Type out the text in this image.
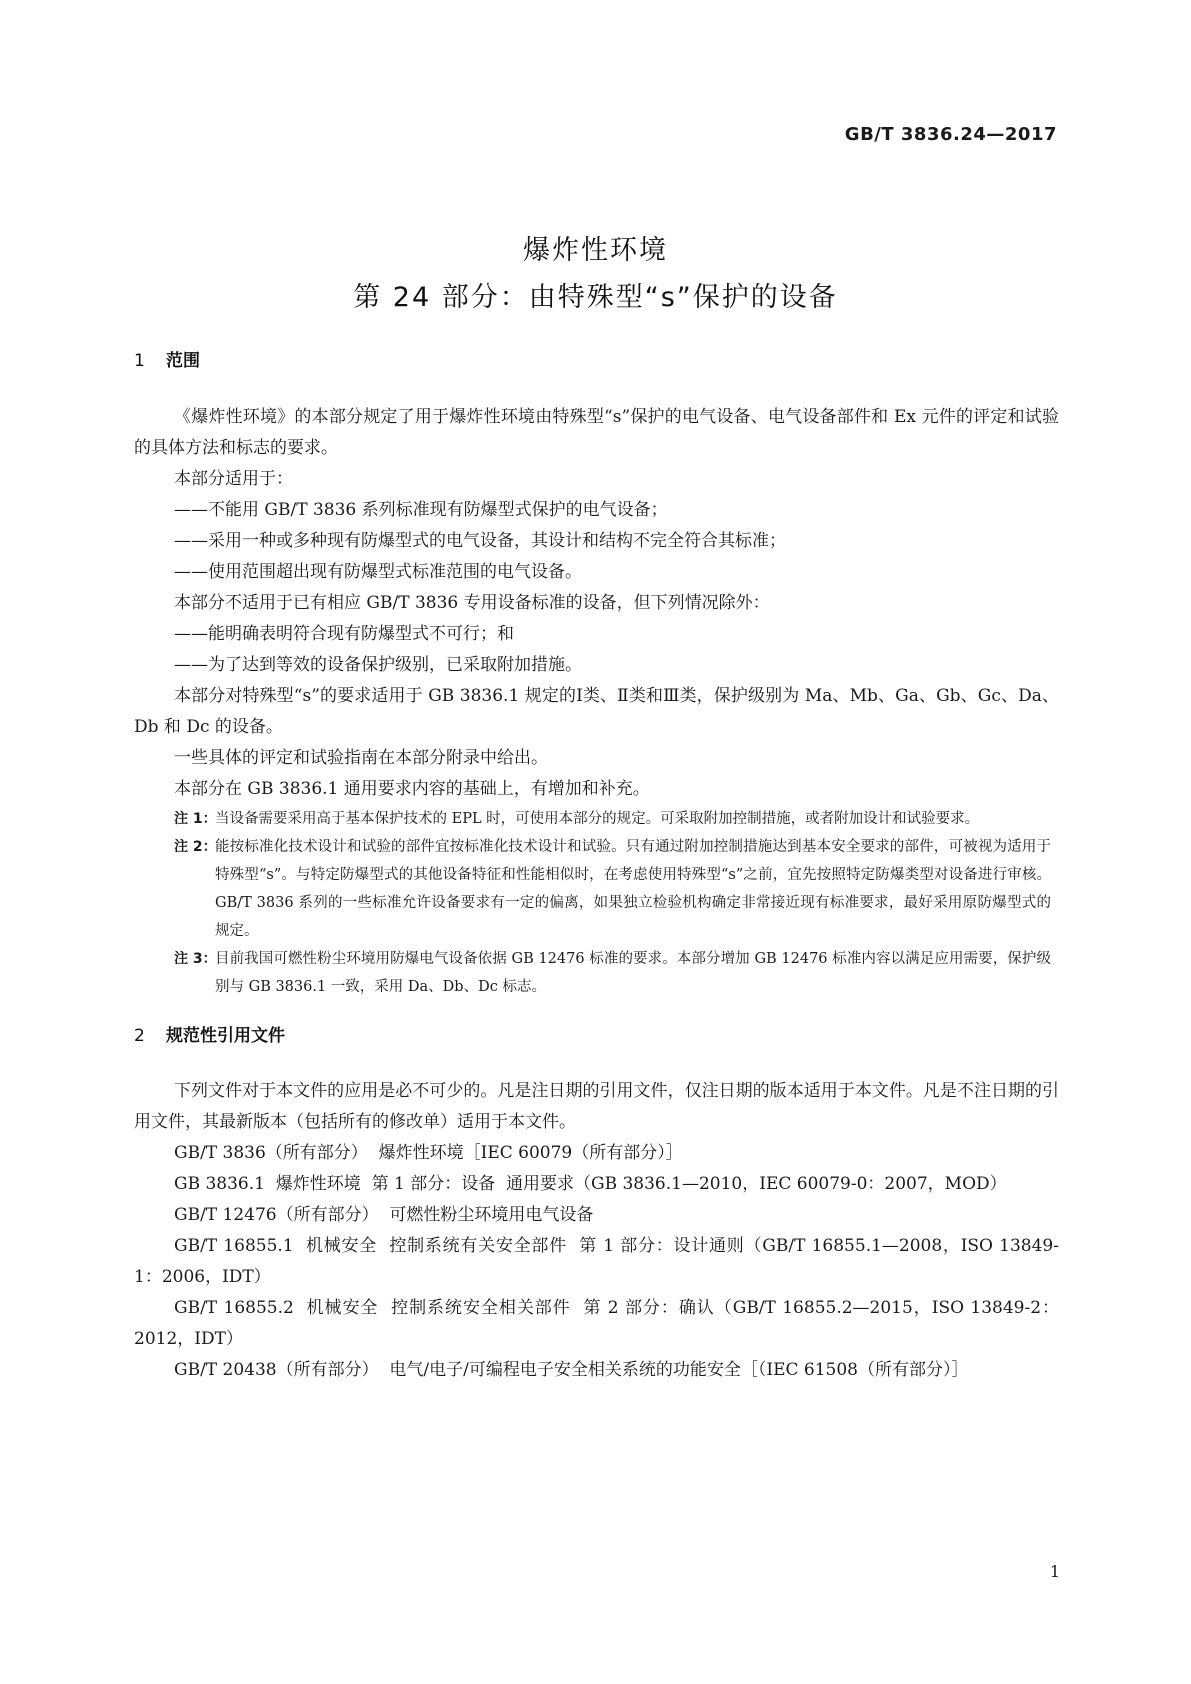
GB/T 3836.24—2017
爆炸性环境
第 24 部分：由特殊型“s”保护的设备
1 范围

《爆炸性环境》的本部分规定了用于爆炸性环境由特殊型“s”保护的电气设备、电气设备部件和 Ex 元件的评定和试验的具体方法和标志的要求。

本部分适用于：

——不能用 GB/T 3836 系列标准现有防爆型式保护的电气设备；

——采用一种或多种现有防爆型式的电气设备，其设计和结构不完全符合其标准；

——使用范围超出现有防爆型式标准范围的电气设备。

本部分不适用于已有相应 GB/T 3836 专用设备标准的设备，但下列情况除外：

——能明确表明符合现有防爆型式不可行；和

——为了达到等效的设备保护级别，已采取附加措施。

本部分对特殊型“s”的要求适用于 GB 3836.1 规定的Ⅰ类、Ⅱ类和Ⅲ类，保护级别为 Ma、Mb、Ga、Gb、Gc、Da、Db 和 Dc 的设备。

一些具体的评定和试验指南在本部分附录中给出。

本部分在 GB 3836.1 通用要求内容的基础上，有增加和补充。

注 1：
当设备需要采用高于基本保护技术的 EPL 时，可使用本部分的规定。可采取附加控制措施，或者附加设计和试验要求。

注 2：
能按标准化技术设计和试验的部件宜按标准化技术设计和试验。只有通过附加控制措施达到基本安全要求的部件，可被视为适用于特殊型“s”。与特定防爆型式的其他设备特征和性能相似时，在考虑使用特殊型“s”之前，宜先按照特定防爆类型对设备进行审核。GB/T 3836 系列的一些标准允许设备要求有一定的偏离，如果独立检验机构确定非常接近现有标准要求，最好采用原防爆型式的规定。

注 3：
目前我国可燃性粉尘环境用防爆电气设备依据 GB 12476 标准的要求。本部分增加 GB 12476 标准内容以满足应用需要，保护级别与 GB 3836.1 一致，采用 Da、Db、Dc 标志。

2 规范性引用文件

下列文件对于本文件的应用是必不可少的。凡是注日期的引用文件，仅注日期的版本适用于本文件。凡是不注日期的引用文件，其最新版本（包括所有的修改单）适用于本文件。

GB/T 3836（所有部分）  爆炸性环境［IEC 60079（所有部分）］

GB 3836.1  爆炸性环境  第 1 部分：设备  通用要求（GB 3836.1—2010，IEC 60079-0：2007，MOD）

GB/T 12476（所有部分）  可燃性粉尘环境用电气设备

GB/T 16855.1  机械安全  控制系统有关安全部件  第 1 部分：设计通则（GB/T 16855.1—2008，ISO 13849-1：2006，IDT）

GB/T 16855.2  机械安全  控制系统安全相关部件  第 2 部分：确认（GB/T 16855.2—2015，ISO 13849-2：2012，IDT）

GB/T 20438（所有部分）  电气/电子/可编程电子安全相关系统的功能安全［（IEC 61508（所有部分）］

1
